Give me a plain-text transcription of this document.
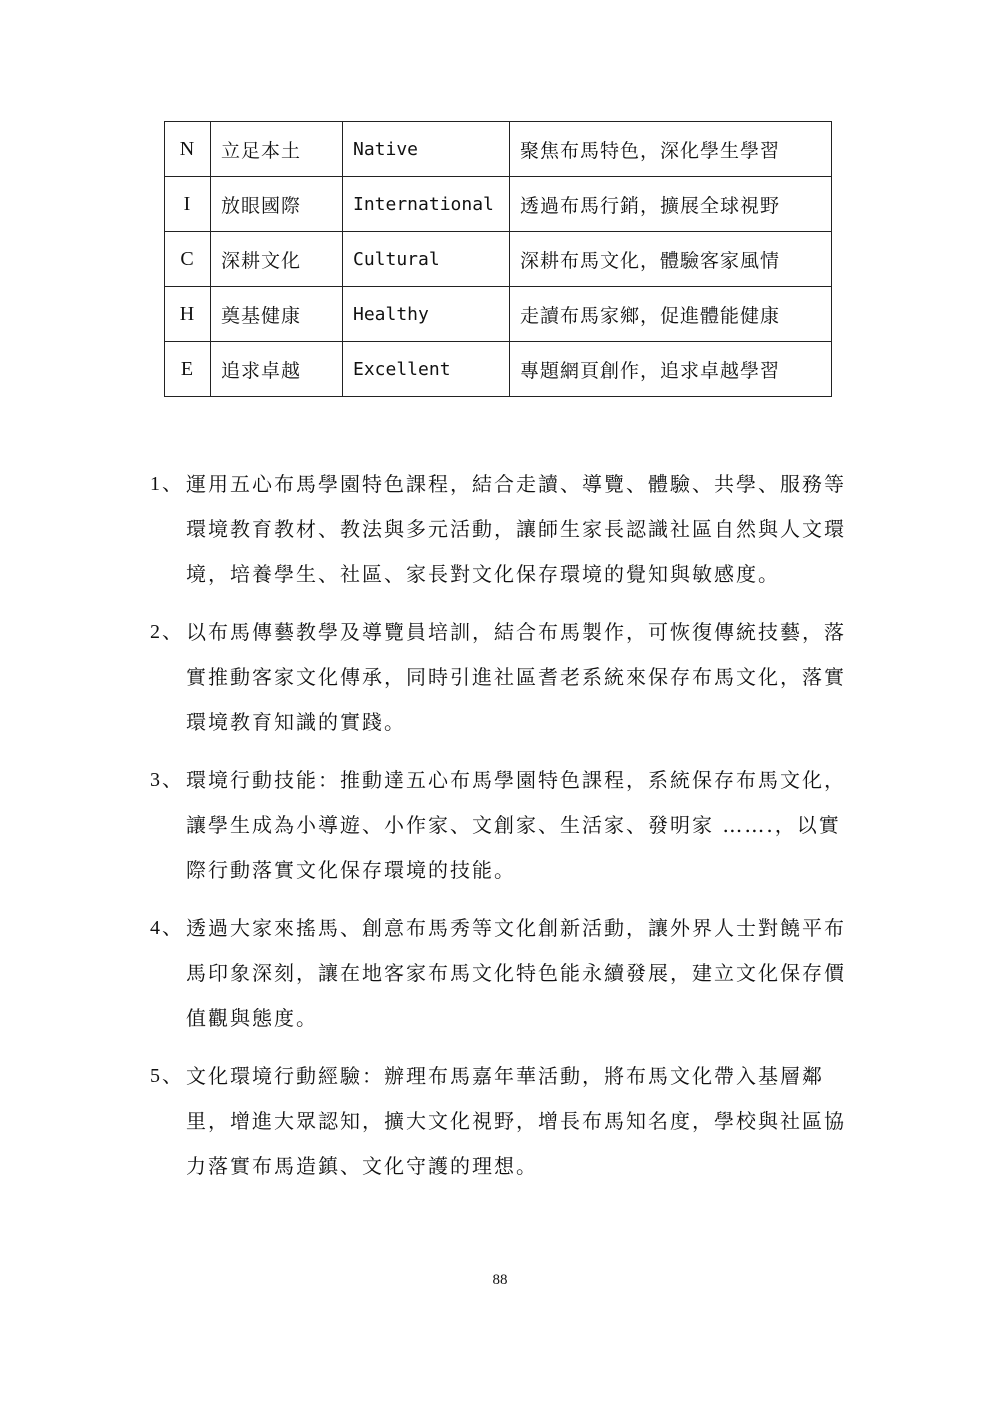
N	立足本土	Native	聚焦布馬特色，深化學生學習
I	放眼國際	International	透過布馬行銷，擴展全球視野
C	深耕文化	Cultural	深耕布馬文化，體驗客家風情
H	奠基健康	Healthy	走讀布馬家鄉，促進體能健康
E	追求卓越	Excellent	專題網頁創作，追求卓越學習
1、 運用五心布馬學園特色課程，結合走讀、導覽、體驗、共學、服務等環境教育教材、教法與多元活動，讓師生家長認識社區自然與人文環境，培養學生、社區、家長對文化保存環境的覺知與敏感度。
2、 以布馬傳藝教學及導覽員培訓，結合布馬製作，可恢復傳統技藝，落實推動客家文化傳承，同時引進社區耆老系統來保存布馬文化，落實環境教育知識的實踐。
3、 環境行動技能：推動達五心布馬學園特色課程，系統保存布馬文化，讓學生成為小導遊、小作家、文創家、生活家、發明家 …….，以實際行動落實文化保存環境的技能。
4、 透過大家來搖馬、創意布馬秀等文化創新活動，讓外界人士對饒平布馬印象深刻，讓在地客家布馬文化特色能永續發展，建立文化保存價值觀與態度。
5、 文化環境行動經驗：辦理布馬嘉年華活動，將布馬文化帶入基層鄰里，增進大眾認知，擴大文化視野，增長布馬知名度，學校與社區協力落實布馬造鎮、文化守護的理想。
88
